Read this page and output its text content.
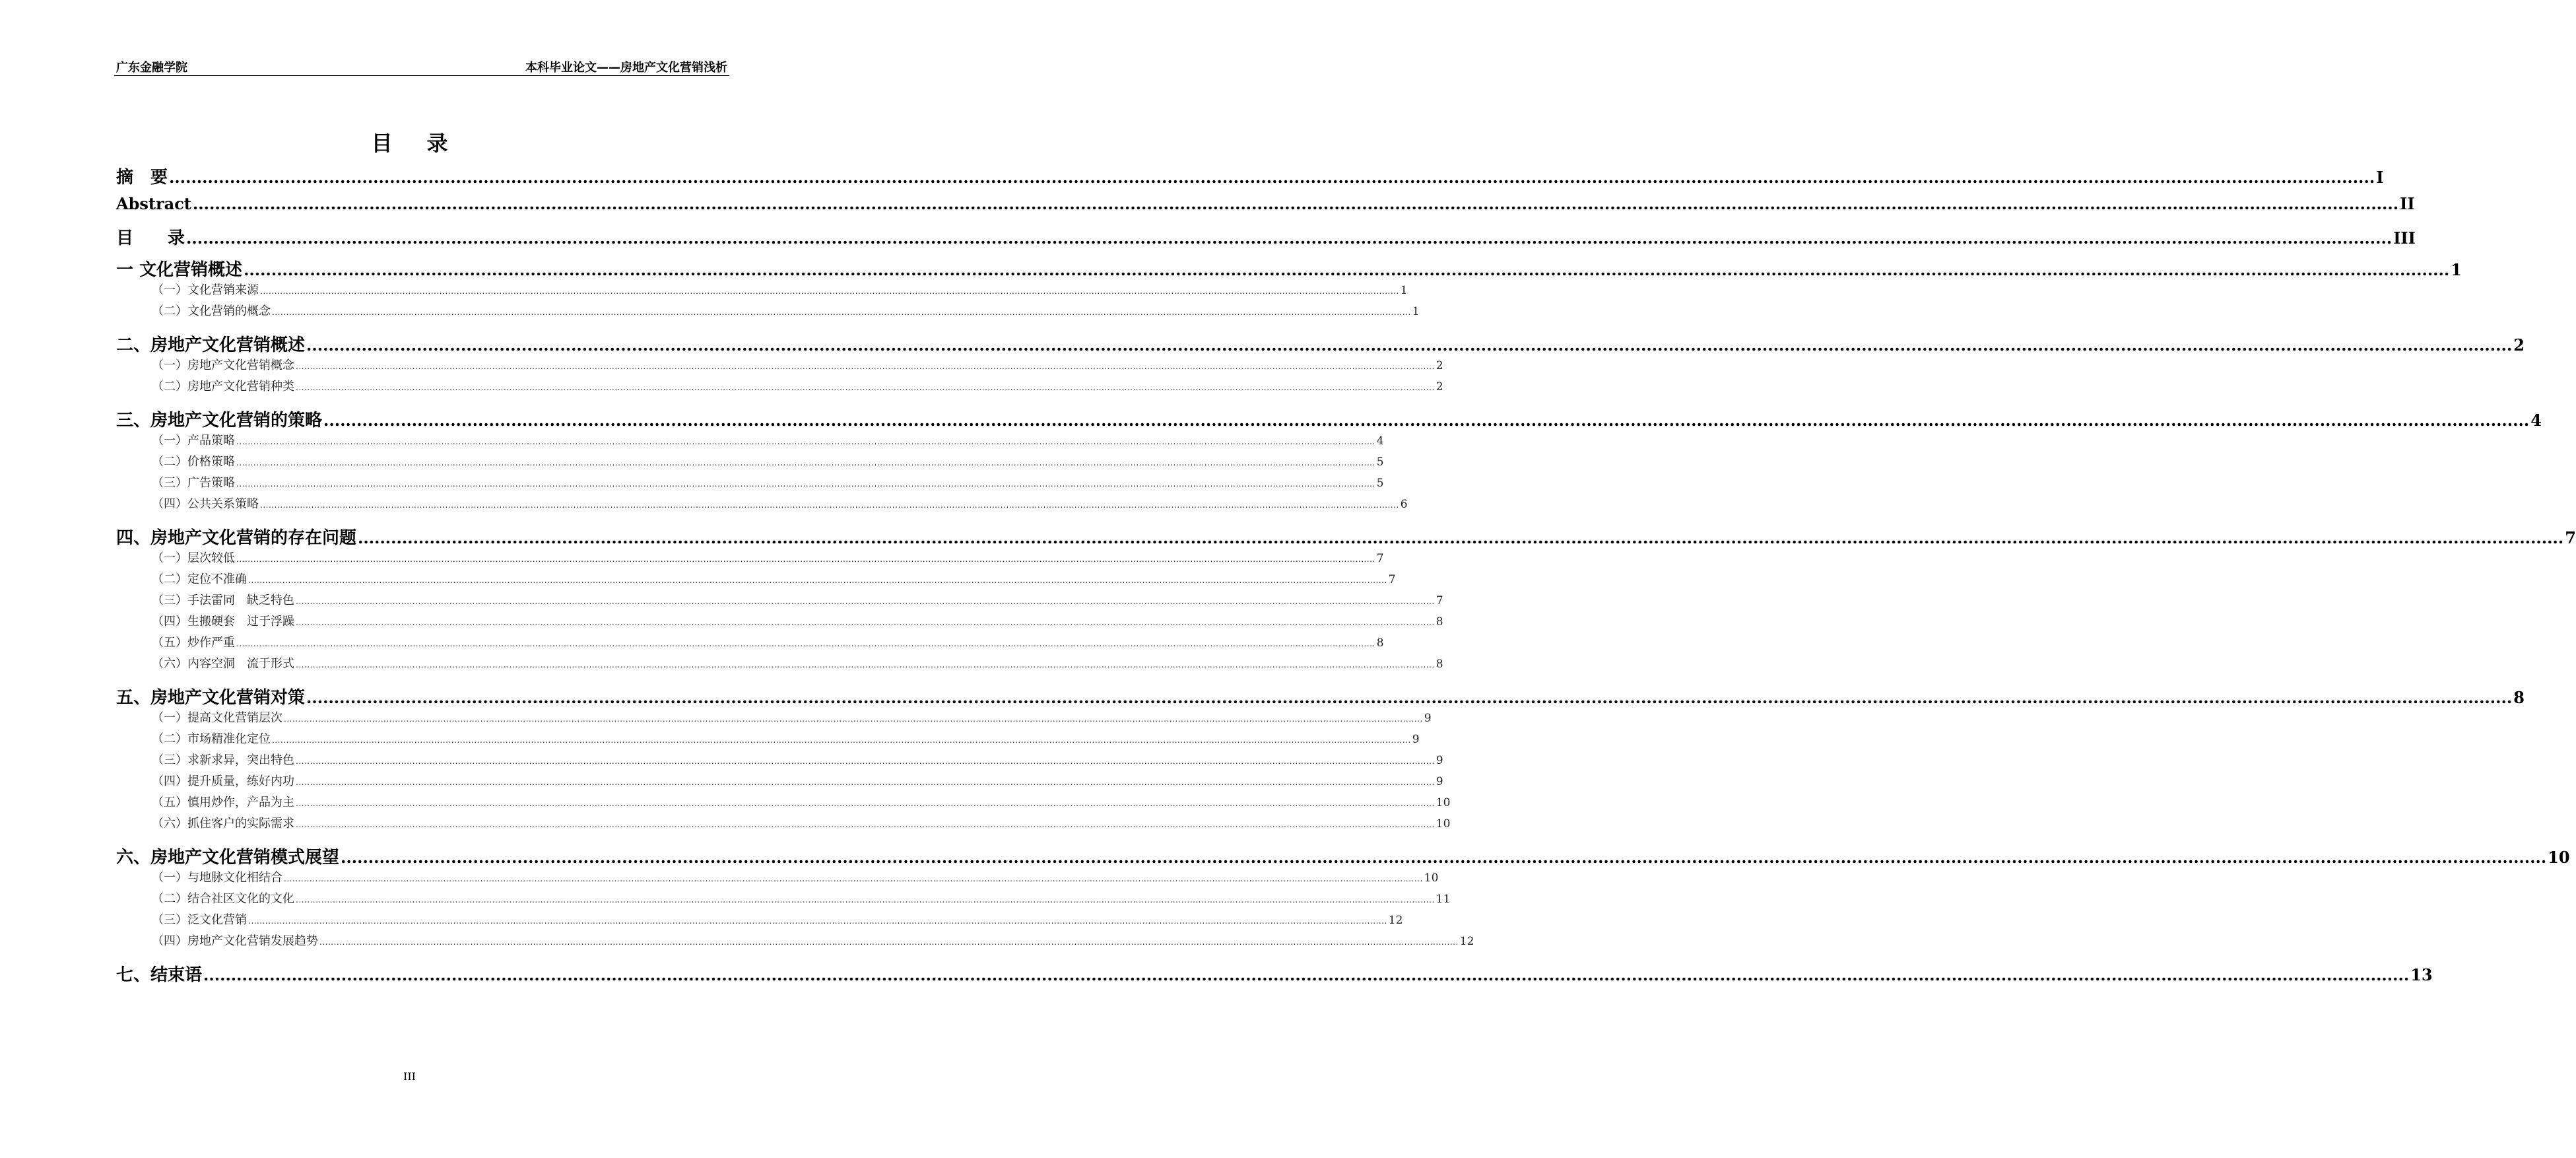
广东金融学院	本科毕业论文——房地产文化营销浅析
目录
摘　要 ................................................................................................................................................................................................................................................................................................................................................................................................................ I
Abstract ................................................................................................................................................................................................................................................................................................................................................................................................................ II
目　　录 ................................................................................................................................................................................................................................................................................................................................................................................................................ III
一 文化营销概述 ................................................................................................................................................................................................................................................................................................................................................................................................................ 1
（一）文化营销来源 ................................................................................................................................................................................................................................................................................................................................................................................................................ 1
（二）文化营销的概念 ................................................................................................................................................................................................................................................................................................................................................................................................................ 1
二、房地产文化营销概述 ................................................................................................................................................................................................................................................................................................................................................................................................................ 2
（一）房地产文化营销概念 ................................................................................................................................................................................................................................................................................................................................................................................................................ 2
（二）房地产文化营销种类 ................................................................................................................................................................................................................................................................................................................................................................................................................ 2
三、房地产文化营销的策略 ................................................................................................................................................................................................................................................................................................................................................................................................................ 4
（一）产品策略 ................................................................................................................................................................................................................................................................................................................................................................................................................ 4
（二）价格策略 ................................................................................................................................................................................................................................................................................................................................................................................................................ 5
（三）广告策略 ................................................................................................................................................................................................................................................................................................................................................................................................................ 5
（四）公共关系策略 ................................................................................................................................................................................................................................................................................................................................................................................................................ 6
四、房地产文化营销的存在问题 ................................................................................................................................................................................................................................................................................................................................................................................................................ 7
（一）层次较低 ................................................................................................................................................................................................................................................................................................................................................................................................................ 7
（二）定位不准确 ................................................................................................................................................................................................................................................................................................................................................................................................................ 7
（三）手法雷同　缺乏特色 ................................................................................................................................................................................................................................................................................................................................................................................................................ 7
（四）生搬硬套　过于浮躁 ................................................................................................................................................................................................................................................................................................................................................................................................................ 8
（五）炒作严重 ................................................................................................................................................................................................................................................................................................................................................................................................................ 8
（六）内容空洞　流于形式 ................................................................................................................................................................................................................................................................................................................................................................................................................ 8
五、房地产文化营销对策 ................................................................................................................................................................................................................................................................................................................................................................................................................ 8
（一）提高文化营销层次 ................................................................................................................................................................................................................................................................................................................................................................................................................ 9
（二）市场精准化定位 ................................................................................................................................................................................................................................................................................................................................................................................................................ 9
（三）求新求异，突出特色 ................................................................................................................................................................................................................................................................................................................................................................................................................ 9
（四）提升质量，练好内功 ................................................................................................................................................................................................................................................................................................................................................................................................................ 9
（五）慎用炒作，产品为主 ................................................................................................................................................................................................................................................................................................................................................................................................................ 10
（六）抓住客户的实际需求 ................................................................................................................................................................................................................................................................................................................................................................................................................ 10
六、房地产文化营销模式展望 ................................................................................................................................................................................................................................................................................................................................................................................................................ 10
（一）与地脉文化相结合 ................................................................................................................................................................................................................................................................................................................................................................................................................ 10
（二）结合社区文化的文化 ................................................................................................................................................................................................................................................................................................................................................................................................................ 11
（三）泛文化营销 ................................................................................................................................................................................................................................................................................................................................................................................................................ 12
（四）房地产文化营销发展趋势 ................................................................................................................................................................................................................................................................................................................................................................................................................ 12
七、结束语 ................................................................................................................................................................................................................................................................................................................................................................................................................ 13
III
